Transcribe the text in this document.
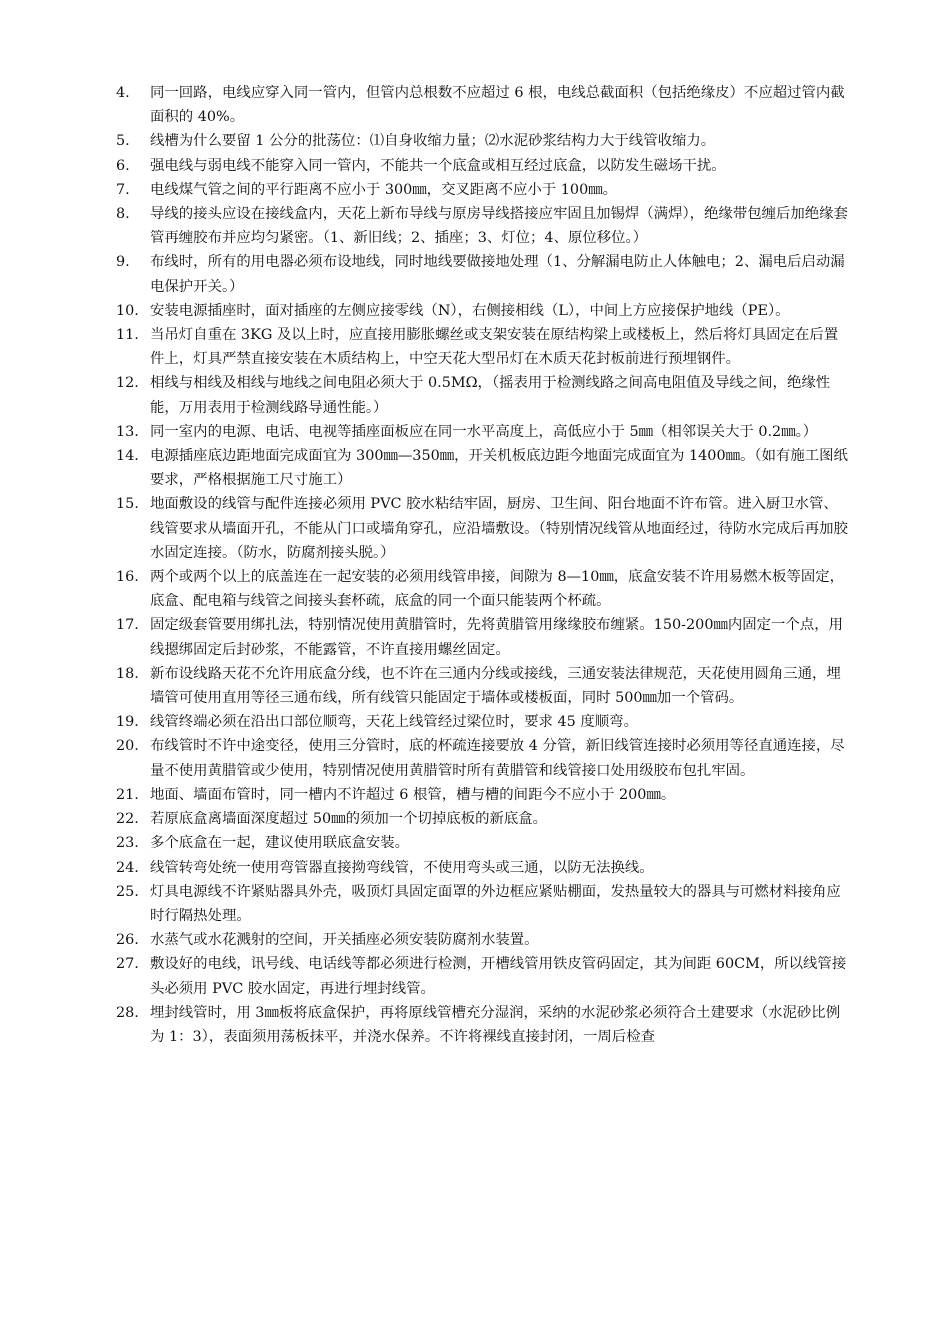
4.	同一回路，电线应穿入同一管内，但管内总根数不应超过 6 根，电线总截面积（包括绝缘皮）不应超过管内截面积的 40%。
5.	线槽为什么要留 1 公分的批荡位：⑴自身收缩力量；⑵水泥砂浆结构力大于线管收缩力。
6.	强电线与弱电线不能穿入同一管内，不能共一个底盒或相互经过底盒，以防发生磁场干扰。
7.	电线煤气管之间的平行距离不应小于 300㎜，交叉距离不应小于 100㎜。
8.	导线的接头应设在接线盒内，天花上新布导线与原房导线搭接应牢固且加锡焊（满焊），绝缘带包缠后加绝缘套管再缠胶布并应均匀紧密。（1、新旧线；2、插座；3、灯位；4、原位移位。）
9.	布线时，所有的用电器必须布设地线，同时地线要做接地处理（1、分解漏电防止人体触电；2、漏电后启动漏电保护开关。）
10. 安装电源插座时，面对插座的左侧应接零线（N），右侧接相线（L），中间上方应接保护地线（PE）。
11. 当吊灯自重在 3KG 及以上时，应直接用膨胀螺丝或支架安装在原结构梁上或楼板上，然后将灯具固定在后置件上，灯具严禁直接安装在木质结构上，中空天花大型吊灯在木质天花封板前进行预埋钢件。
12. 相线与相线及相线与地线之间电阻必须大于 0.5MΩ，（摇表用于检测线路之间高电阻值及导线之间，绝缘性能，万用表用于检测线路导通性能。）
13. 同一室内的电源、电话、电视等插座面板应在同一水平高度上，高低应小于 5㎜（相邻误关大于 0.2㎜。）
14. 电源插座底边距地面完成面宜为 300㎜—350㎜，开关机板底边距今地面完成面宜为 1400㎜。（如有施工图纸要求，严格根据施工尺寸施工）
15. 地面敷设的线管与配件连接必须用 PVC 胶水粘结牢固，厨房、卫生间、阳台地面不许布管。进入厨卫水管、线管要求从墙面开孔，不能从门口或墙角穿孔，应沿墙敷设。（特别情况线管从地面经过，待防水完成后再加胶水固定连接。（防水，防腐剂接头脱。）
16. 两个或两个以上的底盖连在一起安装的必须用线管串接，间隙为 8—10㎜，底盒安装不许用易燃木板等固定，底盒、配电箱与线管之间接头套杯疏，底盒的同一个面只能装两个杯疏。
17. 固定级套管要用绑扎法，特别情况使用黄腊管时，先将黄腊管用缘缘胶布缠紧。150-200㎜内固定一个点，用线摁绑固定后封砂浆，不能露管，不许直接用螺丝固定。
18. 新布设线路天花不允许用底盒分线，也不许在三通内分线或接线，三通安装法律规范，天花使用圆角三通，埋墙管可使用直用等径三通布线，所有线管只能固定于墙体或楼板面，同时 500㎜加一个管码。
19. 线管终端必须在沿出口部位顺弯，天花上线管经过梁位时，要求 45 度顺弯。
20. 布线管时不许中途变径，使用三分管时，底的杯疏连接要放 4 分管，新旧线管连接时必须用等径直通连接，尽量不使用黄腊管或少使用，特别情况使用黄腊管时所有黄腊管和线管接口处用级胶布包扎牢固。
21. 地面、墙面布管时，同一槽内不许超过 6 根管，槽与槽的间距今不应小于 200㎜。
22. 若原底盒离墙面深度超过 50㎜的须加一个切掉底板的新底盒。
23. 多个底盒在一起，建议使用联底盒安装。
24. 线管转弯处统一使用弯管器直接拗弯线管，不使用弯头或三通，以防无法换线。
25. 灯具电源线不许紧贴器具外壳，吸顶灯具固定面罩的外边框应紧贴棚面，发热量较大的器具与可燃材料接角应时行隔热处理。
26. 水蒸气或水花溅射的空间，开关插座必须安装防腐剂水装置。
27. 敷设好的电线，讯号线、电话线等都必须进行检测，开槽线管用铁皮管码固定，其为间距 60CM，所以线管接头必须用 PVC 胶水固定，再进行埋封线管。
28. 埋封线管时，用 3㎜板将底盒保护，再将原线管槽充分湿润，采纳的水泥砂浆必须符合土建要求（水泥砂比例为 1：3），表面须用荡板抹平，并浇水保养。不许将裸线直接封闭，一周后检查
